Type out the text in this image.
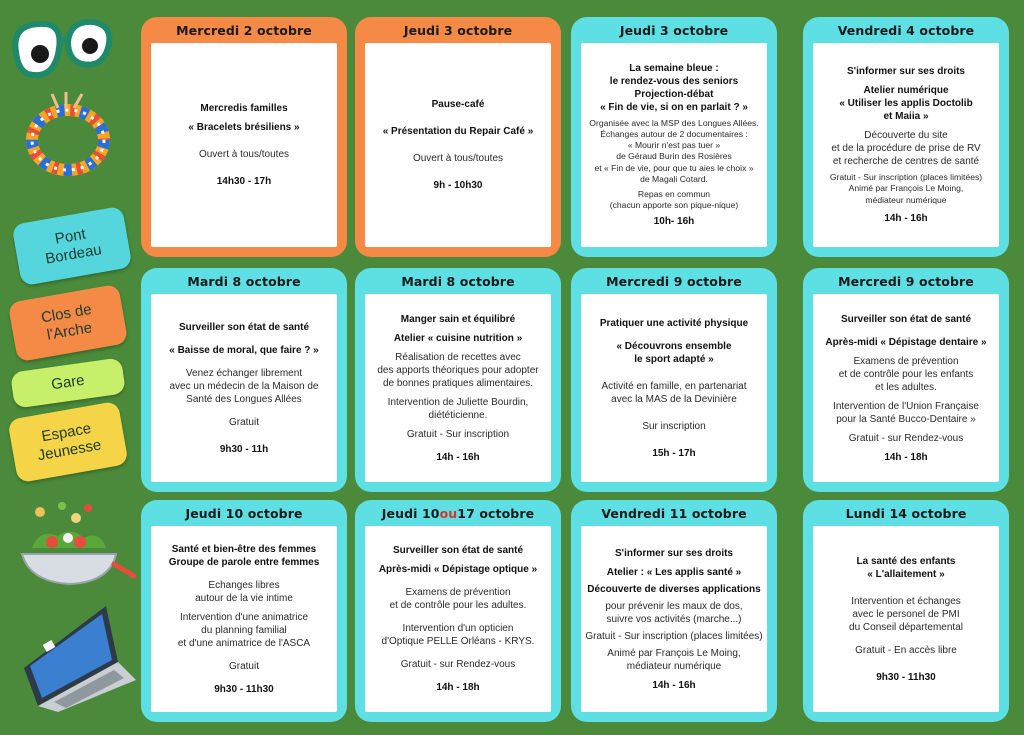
Pont
Bordeau
Clos de
l'Arche
Gare
Espace
Jeunesse
Mercredi 2 octobre

Mercredis familles

« Bracelets brésiliens »

Ouvert à tous/toutes

14h30 - 17h

Jeudi 3 octobre

Pause-café

« Présentation du Repair Café »

Ouvert à tous/toutes

9h - 10h30

Jeudi 3 octobre

La semaine bleue :
le rendez-vous des seniors

Projection-débat
« Fin de vie, si on en parlait ? »

Organisée avec la MSP des Longues Allées.
Échanges autour de 2 documentaires :
« Mourir n'est pas tuer »
de Géraud Burin des Rosières
et « Fin de vie, pour que tu aies le choix »
de Magali Cotard.

Repas en commun
(chacun apporte son pique-nique)

10h- 16h

Vendredi 4 octobre

S'informer sur ses droits

Atelier numérique
« Utiliser les applis Doctolib
et Maiia »

Découverte du site
et de la procédure de prise de RV
et recherche de centres de santé

Gratuit - Sur inscription (places limitées)
Animé par François Le Moing,
médiateur numérique

14h - 16h

Mardi 8 octobre

Surveiller son état de santé

« Baisse de moral, que faire ? »

Venez échanger librement
avec un médecin de la Maison de
Santé des Longues Allées

Gratuit

9h30 - 11h

Mardi 8 octobre

Manger sain et équilibré

Atelier « cuisine nutrition »

Réalisation de recettes avec
des apports théoriques pour adopter
de bonnes pratiques alimentaires.

Intervention de Juliette Bourdin,
diététicienne.

Gratuit - Sur inscription

14h - 16h

Mercredi 9 octobre

Pratiquer une activité physique

« Découvrons ensemble
le sport adapté »

Activité en famille, en partenariat
avec la MAS de la Devinière

Sur inscription

15h - 17h

Mercredi 9 octobre

Surveiller son état de santé

Après-midi « Dépistage dentaire »

Examens de prévention
et de contrôle pour les enfants
et les adultes.

Intervention de l'Union Française
pour la Santé Bucco-Dentaire »

Gratuit - sur Rendez-vous

14h - 18h

Jeudi 10 octobre

Santé et bien-être des femmes
Groupe de parole entre femmes

Echanges libres
autour de la vie intime

Intervention d'une animatrice
du planning familial
et d'une animatrice de l'ASCA

Gratuit

9h30 - 11h30

Jeudi 10 ou 17 octobre

Surveiller son état de santé

Après-midi « Dépistage optique »

Examens de prévention
et de contrôle pour les adultes.

Intervention d'un opticien
d'Optique PELLE Orléans - KRYS.

Gratuit - sur Rendez-vous

14h - 18h

Vendredi 11 octobre

S'informer sur ses droits

Atelier : « Les applis santé »

Découverte de diverses applications

pour prévenir les maux de dos,
suivre vos activités (marche...)

Gratuit - Sur inscription (places limitées)

Animé par François Le Moing,
médiateur numérique

14h - 16h

Lundi 14 octobre

La santé des enfants
« L'allaitement »

Intervention et échanges
avec le personel de PMI
du Conseil départemental

Gratuit - En accès libre

9h30 - 11h30
